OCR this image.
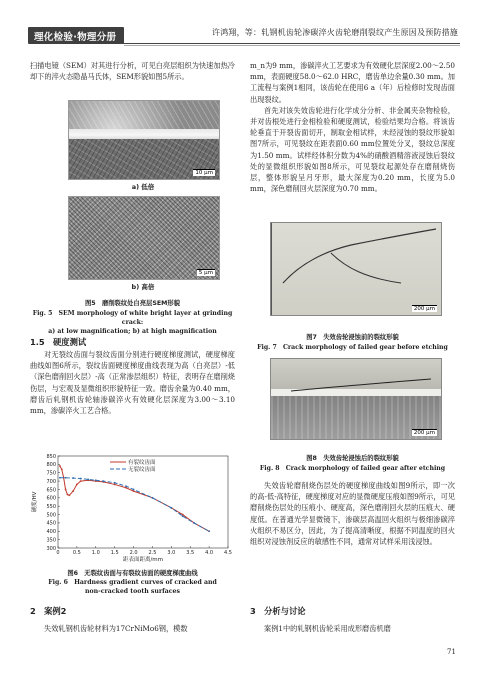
理化检验·物理分册	许鸿翔，等：轧钢机齿轮渗碳淬火齿轮磨削裂纹产生原因及预防措施

扫描电镜（SEM）对其进行分析，可见白亮层组织为快速加热冷却下的淬火态隐晶马氏体，SEM形貌如图5所示。

10 μm
a) 低倍
5 μm
b) 高倍
图5　磨削裂纹处白亮层SEM形貌
Fig. 5　SEM morphology of white bright layer at grinding crack:
a) at low magnification; b) at high magnification
1.5　硬度测试

对无裂纹齿面与裂纹齿面分别进行硬度梯度测试，硬度梯度曲线如图6所示，裂纹齿面硬度梯度曲线表现为高（白亮层）-低（深色磨削回火层）-高（正常渗层组织）特征，表明存在磨削烧伤层，与宏观及显微组织形貌特征一致。磨齿余量为0.40 mm，磨齿后轧钢机齿轮轴渗碳淬火有效硬化层深度为3.00～3.10 mm，渗碳淬火工艺合格。

300
350
400
450
500
550
600
650
700
750
800
850
0	0.5 1.0 1.5 2.0 2.5 3.0 3.5 4.0 4.5
距表面距离/mm
硬度/HV
有裂纹齿面
无裂纹齿面
图6　无裂纹齿面与有裂纹齿面的硬度梯度曲线
Fig. 6　Hardness gradient curves of cracked and
non-cracked tooth surfaces
2　案例2

失效轧钢机齿轮材料为17CrNiMo6钢，模数

m_n为9 mm，渗碳淬火工艺要求为有效硬化层深度2.00～2.50 mm，表面硬度58.0～62.0 HRC，磨齿单边余量0.30 mm。加工流程与案例1相同，该齿轮在使用6 a（年）后检修时发现齿面出现裂纹。

首先对该失效齿轮进行化学成分分析、非金属夹杂物检验，并对齿根处进行金相检验和硬度测试，检验结果均合格。将该齿轮垂直于开裂齿面切开，制取金相试样，未经浸蚀的裂纹形貌如图7所示，可见裂纹在距表面0.60 mm位置处分叉，裂纹总深度为1.50 mm。试样经体积分数为4%的硝酸酒精溶液浸蚀后裂纹处的显微组织形貌如图8所示，可见裂纹起源处存在磨削烧伤层，整体形貌呈月牙形，最大深度为0.20 mm，长度为5.0 mm，深色磨削回火层深度为0.70 mm。

200 μm
图7　失效齿轮浸蚀前的裂纹形貌
Fig. 7　Crack morphology of failed gear before etching
200 μm
图8　失效齿轮浸蚀后的裂纹形貌
Fig. 8　Crack morphology of failed gear after etching

失效齿轮磨削烧伤层处的硬度梯度曲线如图9所示，即一次的高-低-高特征，硬度梯度对应的显微硬度压痕如图9所示，可见磨削烧伤层处的压痕小、硬度高，深色磨削回火层的压痕大、硬度低。在普通光学显微镜下，渗碳层高温回火组织与极细渗碳淬火组织不易区分，因此，为了提高清晰度，根据不同温度的回火组织对浸蚀剂反应的敏感性不同，通常对试样采用浅浸蚀。

3　分析与讨论

案例1中的轧钢机齿轮采用成形磨齿机磨

71
